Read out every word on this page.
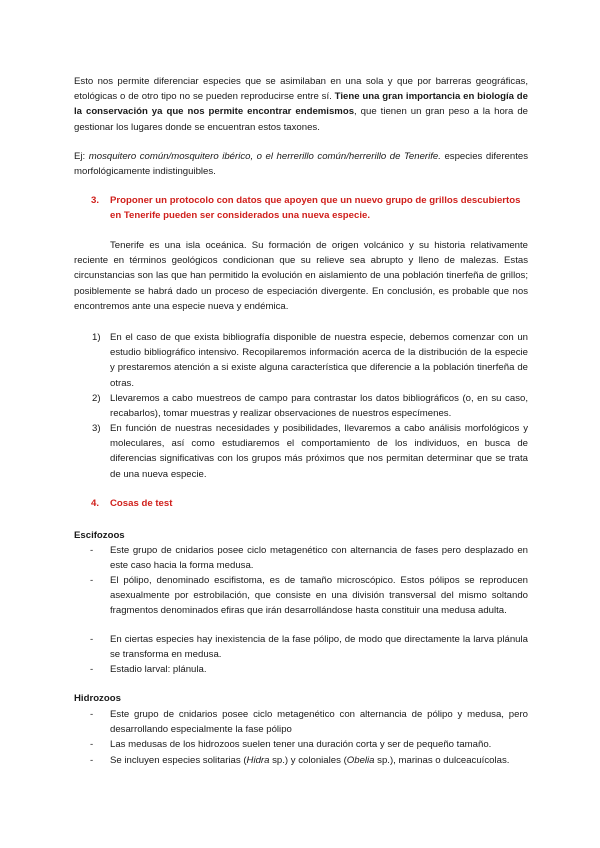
Esto nos permite diferenciar especies que se asimilaban en una sola y que por barreras geográficas, etológicas o de otro tipo no se pueden reproducirse entre sí. Tiene una gran importancia en biología de la conservación ya que nos permite encontrar endemismos, que tienen un gran peso a la hora de gestionar los lugares donde se encuentran estos taxones.
Ej: mosquitero común/mosquitero ibérico, o el herrerillo común/herrerillo de Tenerife. especies diferentes morfológicamente indistinguibles.
3.	Proponer un protocolo con datos que apoyen que un nuevo grupo de grillos descubiertos en Tenerife pueden ser considerados una nueva especie.
Tenerife es una isla oceánica. Su formación de origen volcánico y su historia relativamente reciente en términos geológicos condicionan que su relieve sea abrupto y lleno de malezas. Estas circunstancias son las que han permitido la evolución en aislamiento de una población tinerfeña de grillos; posiblemente se habrá dado un proceso de especiación divergente. En conclusión, es probable que nos encontremos ante una especie nueva y endémica.
1) En el caso de que exista bibliografía disponible de nuestra especie, debemos comenzar con un estudio bibliográfico intensivo. Recopilaremos información acerca de la distribución de la especie y prestaremos atención a si existe alguna característica que diferencie a la población tinerfeña de otras.
2) Llevaremos a cabo muestreos de campo para contrastar los datos bibliográficos (o, en su caso, recabarlos), tomar muestras y realizar observaciones de nuestros especímenes.
3) En función de nuestras necesidades y posibilidades, llevaremos a cabo análisis morfológicos y moleculares, así como estudiaremos el comportamiento de los individuos, en busca de diferencias significativas con los grupos más próximos que nos permitan determinar que se trata de una nueva especie.
4.	Cosas de test
Escifozoos
-	Este grupo de cnidarios posee ciclo metagenético con alternancia de fases pero desplazado en este caso hacia la forma medusa.
-	El pólipo, denominado escifistoma, es de tamaño microscópico. Estos pólipos se reproducen asexualmente por estrobilación, que consiste en una división transversal del mismo soltando fragmentos denominados efiras que irán desarrollándose hasta constituir una medusa adulta.
-	En ciertas especies hay inexistencia de la fase pólipo, de modo que directamente la larva plánula se transforma en medusa.
-	Estadio larval: plánula.
Hidrozoos
-	Este grupo de cnidarios posee ciclo metagenético con alternancia de pólipo y medusa, pero desarrollando especialmente la fase pólipo
-	Las medusas de los hidrozoos suelen tener una duración corta y ser de pequeño tamaño.
-	Se incluyen especies solitarias (Hidra sp.) y coloniales (Obelia sp.), marinas o dulceacuícolas.
